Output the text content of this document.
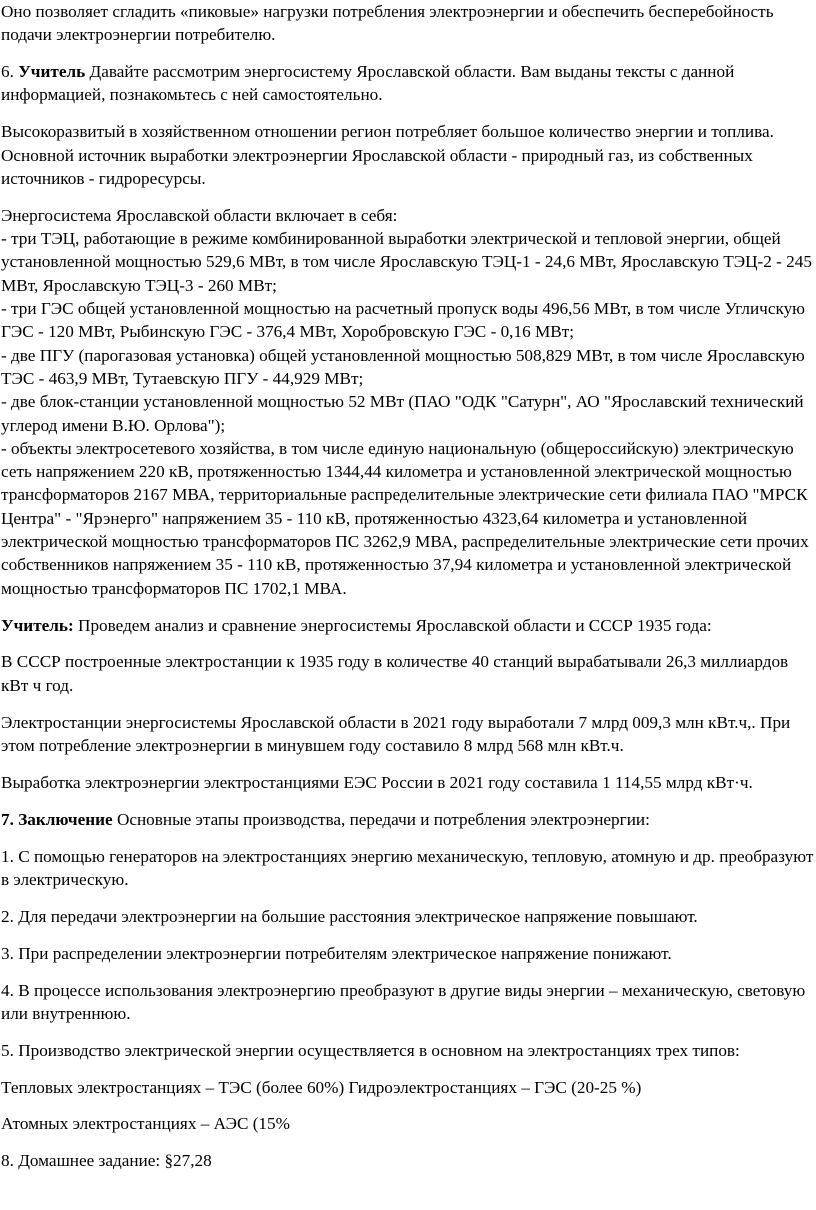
Оно позволяет сгладить «пиковые» нагрузки потребления электроэнергии и обеспечить бесперебойность подачи электроэнергии потребителю.

6. Учитель Давайте рассмотрим энергосистему Ярославской области. Вам выданы тексты с данной информацией, познакомьтесь с ней самостоятельно.

Высокоразвитый в хозяйственном отношении регион потребляет большое количество энергии и топлива. Основной источник выработки электроэнергии Ярославской области - природный газ, из собственных источников - гидроресурсы.

Энергосистема Ярославской области включает в себя:
- три ТЭЦ, работающие в режиме комбинированной выработки электрической и тепловой энергии, общей установленной мощностью 529,6 МВт, в том числе Ярославскую ТЭЦ-1 - 24,6 МВт, Ярославскую ТЭЦ-2 - 245 МВт, Ярославскую ТЭЦ-3 - 260 МВт;
- три ГЭС общей установленной мощностью на расчетный пропуск воды 496,56 МВт, в том числе Угличскую ГЭС - 120 МВт, Рыбинскую ГЭС - 376,4 МВт, Хоробровскую ГЭС - 0,16 МВт;
- две ПГУ (парогазовая установка) общей установленной мощностью 508,829 МВт, в том числе Ярославскую ТЭС - 463,9 МВт, Тутаевскую ПГУ - 44,929 МВт;
- две блок-станции установленной мощностью 52 МВт (ПАО "ОДК "Сатурн", АО "Ярославский технический углерод имени В.Ю. Орлова");
- объекты электросетевого хозяйства, в том числе единую национальную (общероссийскую) электрическую сеть напряжением 220 кВ, протяженностью 1344,44 километра и установленной электрической мощностью трансформаторов 2167 МВА, территориальные распределительные электрические сети филиала ПАО "МРСК Центра" - "Ярэнерго" напряжением 35 - 110 кВ, протяженностью 4323,64 километра и установленной электрической мощностью трансформаторов ПС 3262,9 МВА, распределительные электрические сети прочих собственников напряжением 35 - 110 кВ, протяженностью 37,94 километра и установленной электрической мощностью трансформаторов ПС 1702,1 МВА.

Учитель: Проведем анализ и сравнение энергосистемы Ярославской области и СССР 1935 года:

В СССР построенные электростанции к 1935 году в количестве 40 станций вырабатывали 26,3 миллиардов кВт ч год.

Электростанции энергосистемы Ярославской области в 2021 году выработали 7 млрд 009,3 млн кВт.ч,. При этом потребление электроэнергии в минувшем году составило 8 млрд 568 млн кВт.ч.

Выработка электроэнергии электростанциями ЕЭС России в 2021 году составила 1 114,55 млрд кВт·ч.

7. Заключение Основные этапы производства, передачи и потребления электроэнергии:

1. С помощью генераторов на электростанциях энергию механическую, тепловую, атомную и др. преобразуют в электрическую.

2. Для передачи электроэнергии на большие расстояния электрическое напряжение повышают.

3. При распределении электроэнергии потребителям электрическое напряжение понижают.

4. В процессе использования электроэнергию преобразуют в другие виды энергии – механическую, световую или внутреннюю.

5. Производство электрической энергии осуществляется в основном на электростанциях трех типов:

Тепловых электростанциях – ТЭС (более 60%) Гидроэлектростанциях – ГЭС (20-25 %)

Атомных электростанциях – АЭС (15%

8. Домашнее задание: §27,28
